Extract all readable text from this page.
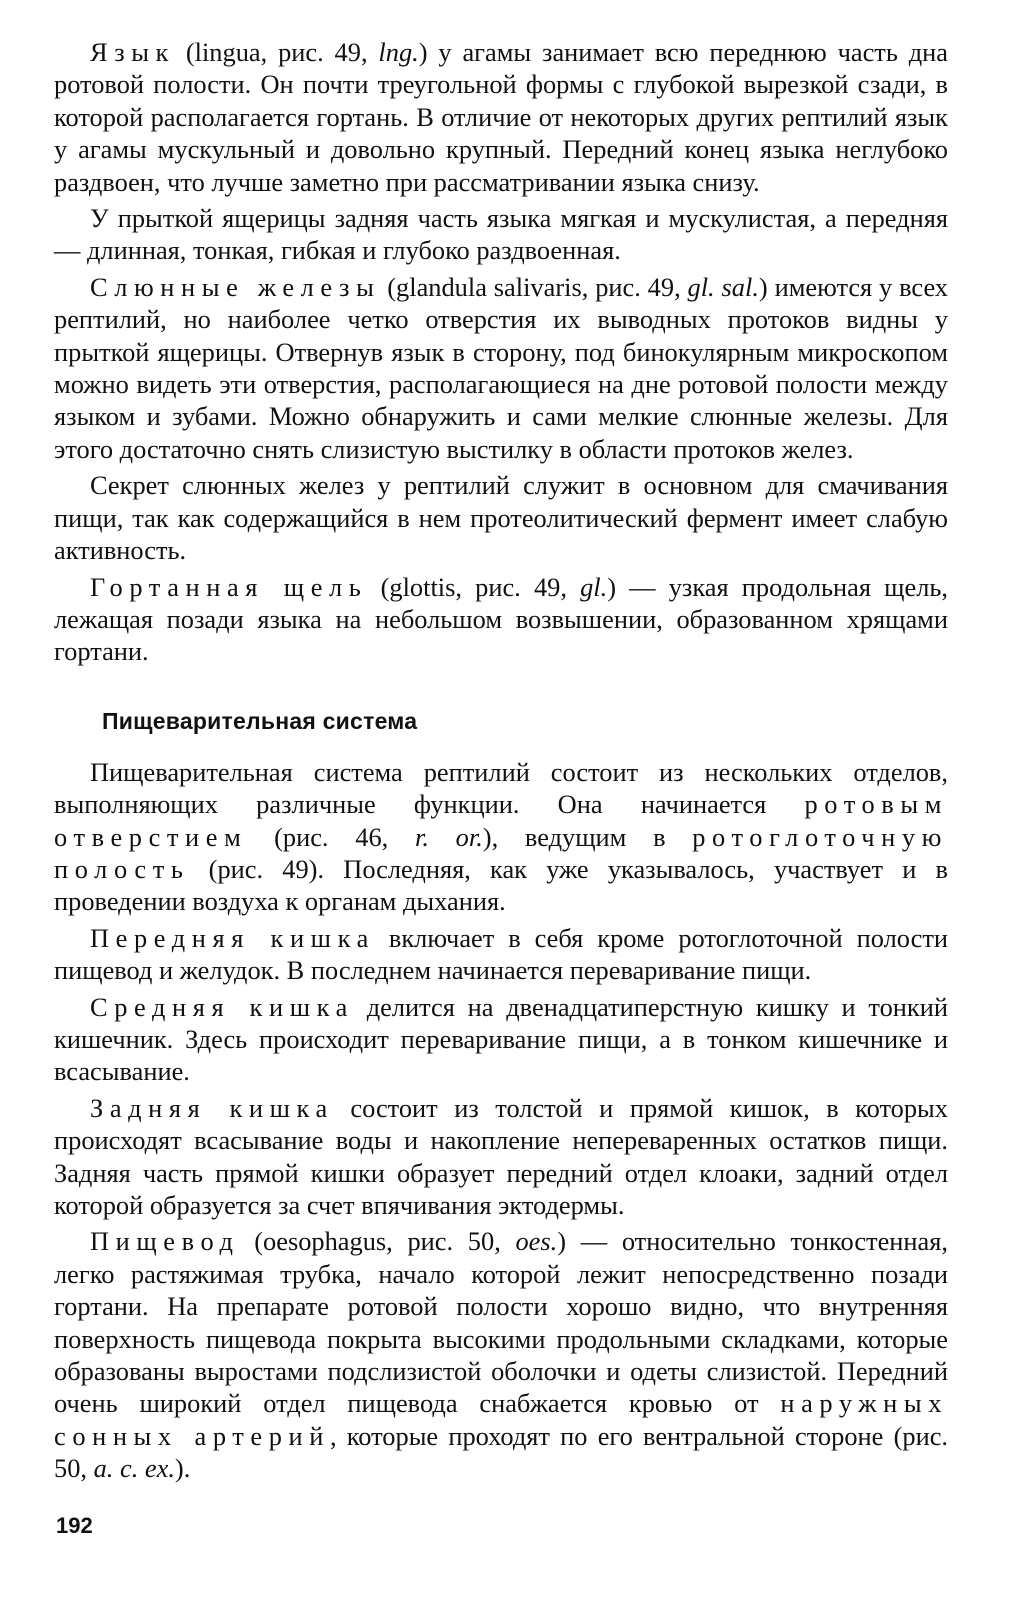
Язык (lingua, рис. 49, lng.) у агамы занимает всю переднюю часть дна ротовой полости. Он почти треугольной формы с глубокой вырезкой сзади, в которой располагается гортань. В отличие от некоторых других рептилий язык у агамы мускульный и довольно крупный. Передний конец языка неглубоко раздвоен, что лучше заметно при рассматривании языка снизу.

У прыткой ящерицы задняя часть языка мягкая и мускулистая, а передняя — длинная, тонкая, гибкая и глубоко раздвоенная.

Слюнные железы (glandula salivaris, рис. 49, gl. sal.) имеются у всех рептилий, но наиболее четко отверстия их выводных протоков видны у прыткой ящерицы. Отвернув язык в сторону, под бинокулярным микроскопом можно видеть эти отверстия, располагающиеся на дне ротовой полости между языком и зубами. Можно обнаружить и сами мелкие слюнные железы. Для этого достаточно снять слизистую выстилку в области протоков желез.

Секрет слюнных желез у рептилий служит в основном для смачивания пищи, так как содержащийся в нем протеолитический фермент имеет слабую активность.

Гортанная щель (glottis, рис. 49, gl.) — узкая продольная щель, лежащая позади языка на небольшом возвышении, образованном хрящами гортани.

Пищеварительная система

Пищеварительная система рептилий состоит из нескольких отделов, выполняющих различные функции. Она начинается ротовым отверстием (рис. 46, r. or.), ведущим в ротоглоточную полость (рис. 49). Последняя, как уже указывалось, участвует и в проведении воздуха к органам дыхания.

Передняя кишка включает в себя кроме ротоглоточной полости пищевод и желудок. В последнем начинается переваривание пищи.

Средняя кишка делится на двенадцатиперстную кишку и тонкий кишечник. Здесь происходит переваривание пищи, а в тонком кишечнике и всасывание.

Задняя кишка состоит из толстой и прямой кишок, в которых происходят всасывание воды и накопление непереваренных остатков пищи. Задняя часть прямой кишки образует передний отдел клоаки, задний отдел которой образуется за счет впячивания эктодермы.

Пищевод (oesophagus, рис. 50, oes.) — относительно тонкостенная, легко растяжимая трубка, начало которой лежит непосредственно позади гортани. На препарате ротовой полости хорошо видно, что внутренняя поверхность пищевода покрыта высокими продольными складками, которые образованы выростами подслизистой оболочки и одеты слизистой. Передний очень широкий отдел пищевода снабжается кровью от наружных сонных артерий, которые проходят по его вентральной стороне (рис. 50, a. c. ex.).

192
